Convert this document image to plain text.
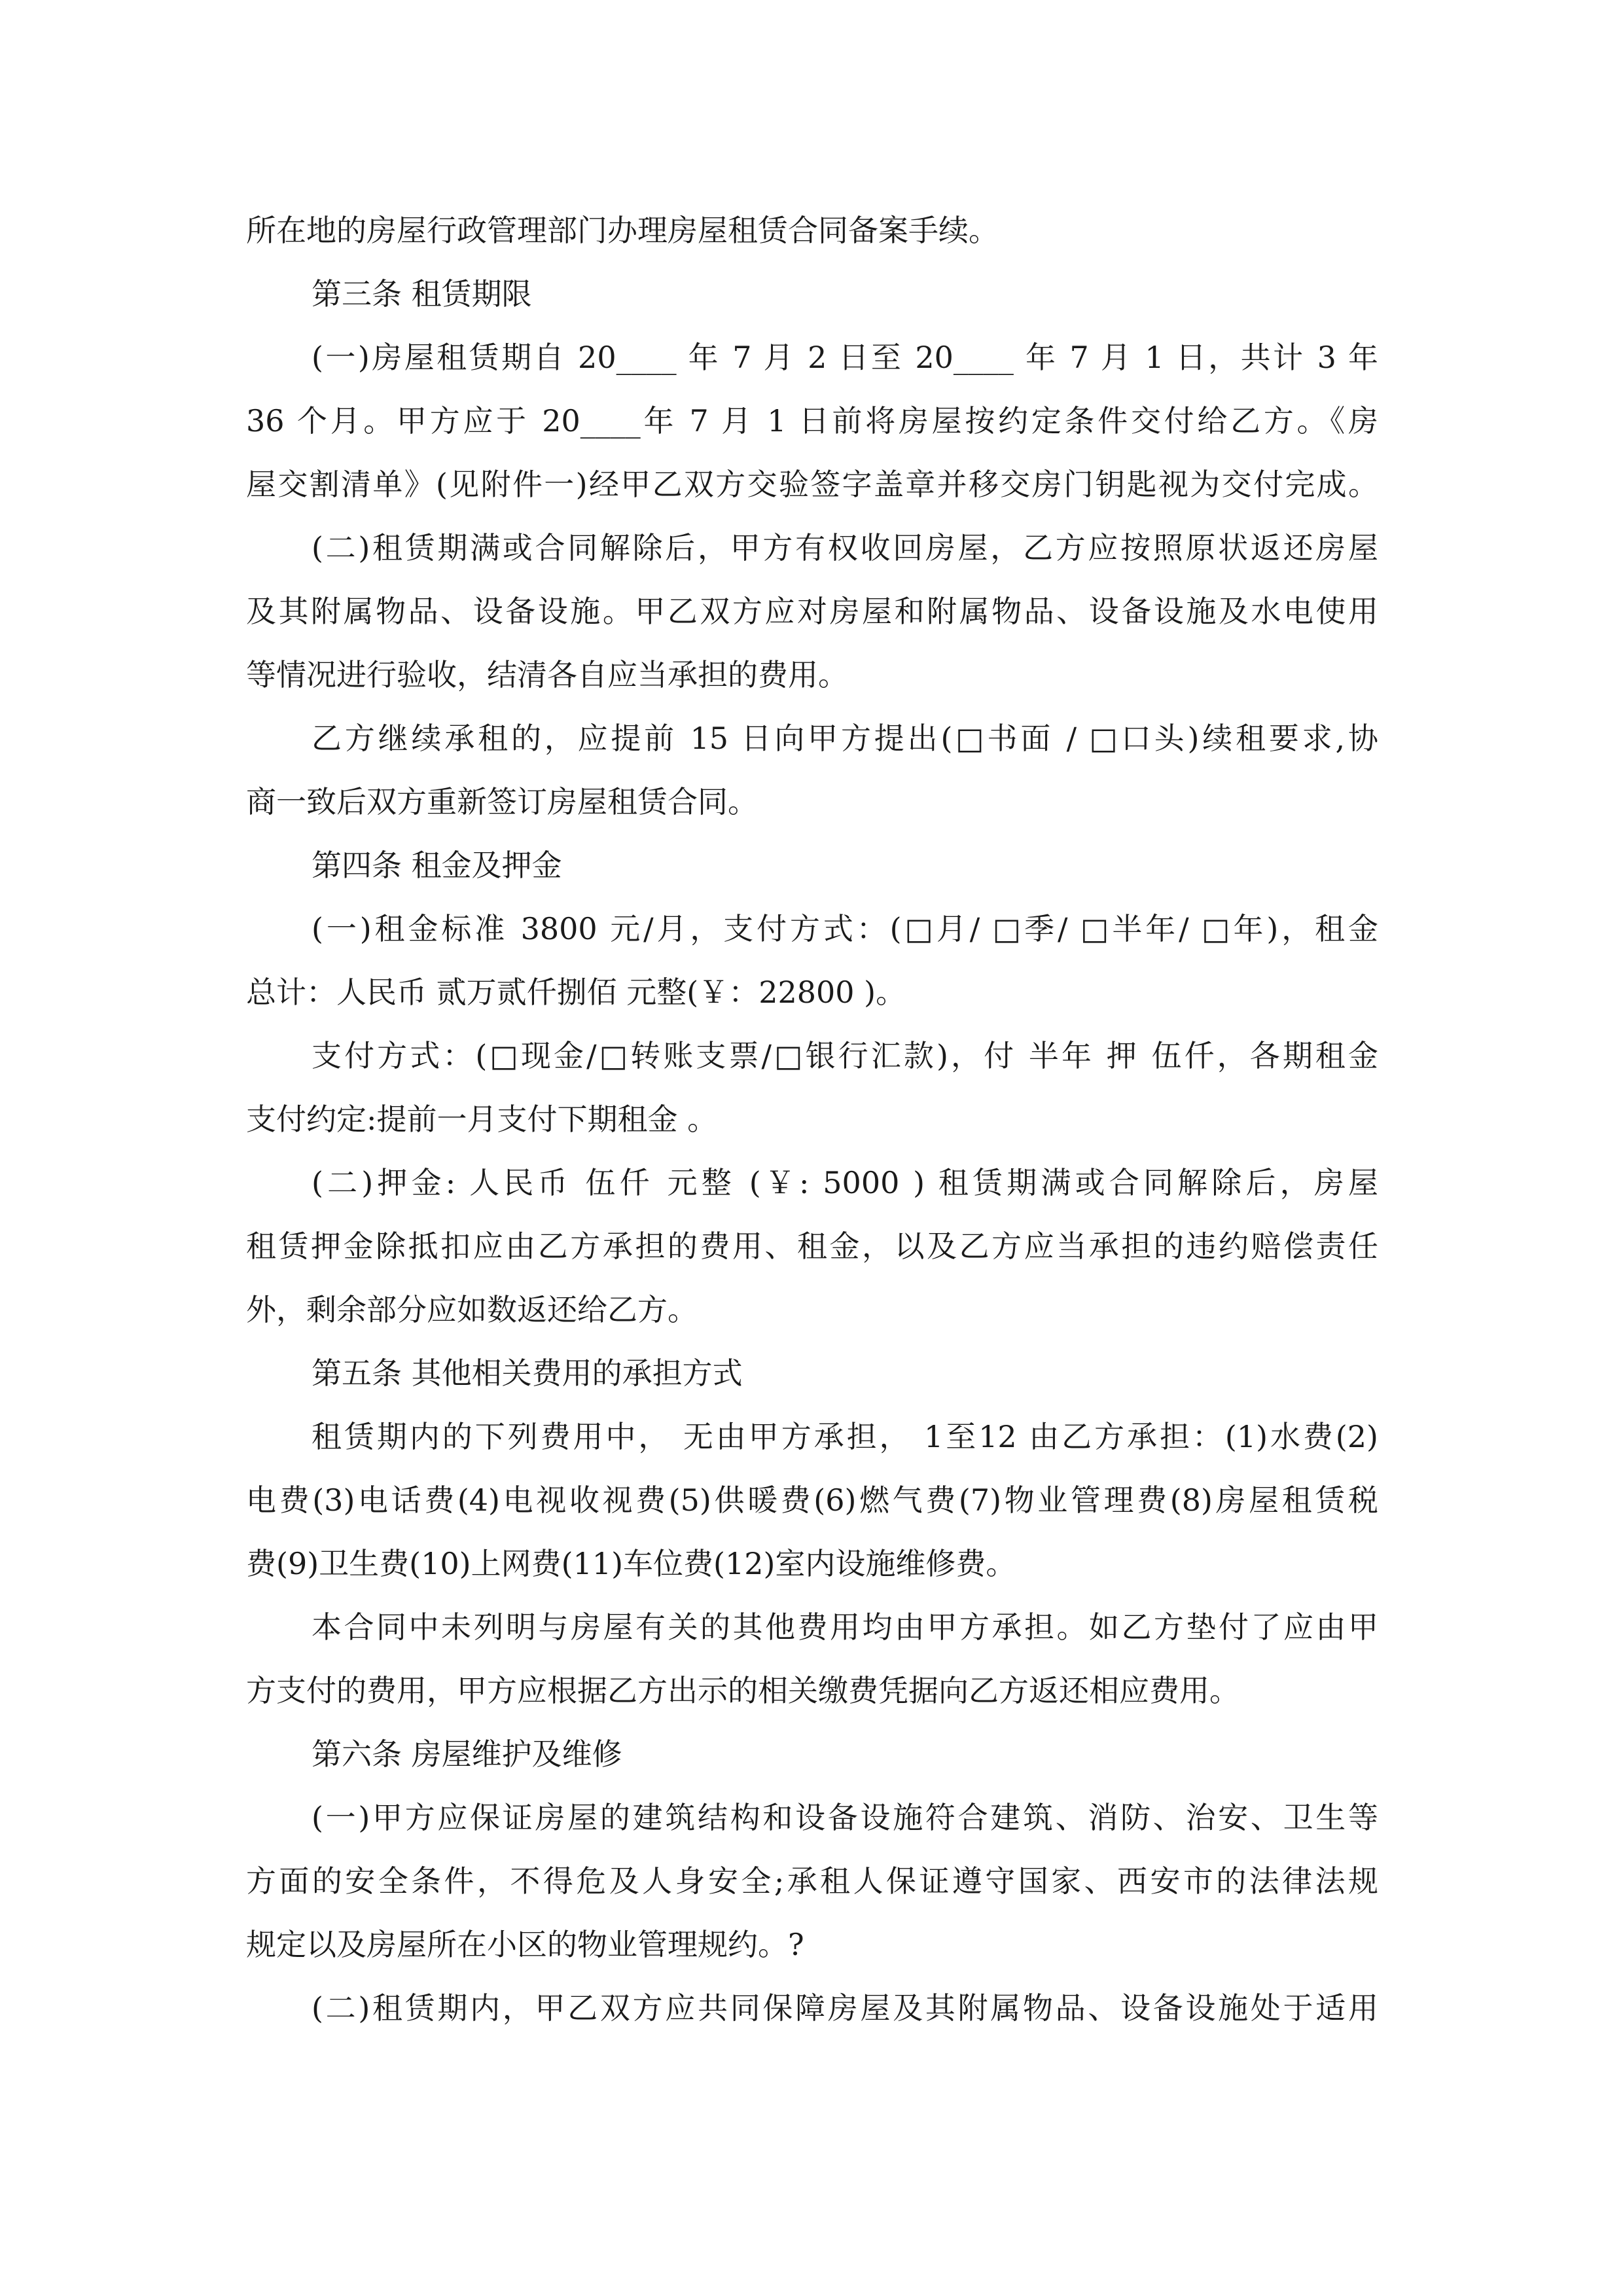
所在地的房屋行政管理部门办理房屋租赁合同备案手续。
第三条 租赁期限
(一)房屋租赁期自 20____ 年 7 月 2 日至 20____ 年 7 月 1 日，共计 3 年
36 个月。甲方应于 20____年 7 月 1 日前将房屋按约定条件交付给乙方。《房
屋交割清单》(见附件一)经甲乙双方交验签字盖章并移交房门钥匙视为交付完成。
(二)租赁期满或合同解除后，甲方有权收回房屋，乙方应按照原状返还房屋
及其附属物品、设备设施。甲乙双方应对房屋和附属物品、设备设施及水电使用
等情况进行验收，结清各自应当承担的费用。
乙方继续承租的，应提前 15 日向甲方提出(□书面 / □口头)续租要求,协
商一致后双方重新签订房屋租赁合同。
第四条 租金及押金
(一)租金标准 3800 元/月，支付方式：(□月/ □季/ □半年/ □年)，租金
总计：人民币 贰万贰仟捌佰 元整(￥：22800 )。
支付方式：(□现金/□转账支票/□银行汇款)，付 半年 押 伍仟，各期租金
支付约定:提前一月支付下期租金 。
(二)押金: 人民币 伍仟 元整 (￥: 5000 ) 租赁期满或合同解除后，房屋
租赁押金除抵扣应由乙方承担的费用、租金，以及乙方应当承担的违约赔偿责任
外，剩余部分应如数返还给乙方。
第五条 其他相关费用的承担方式
租赁期内的下列费用中， 无由甲方承担， 1至12 由乙方承担：(1)水费(2)
电费(3)电话费(4)电视收视费(5)供暖费(6)燃气费(7)物业管理费(8)房屋租赁税
费(9)卫生费(10)上网费(11)车位费(12)室内设施维修费。
本合同中未列明与房屋有关的其他费用均由甲方承担。如乙方垫付了应由甲
方支付的费用，甲方应根据乙方出示的相关缴费凭据向乙方返还相应费用。
第六条 房屋维护及维修
(一)甲方应保证房屋的建筑结构和设备设施符合建筑、消防、治安、卫生等
方面的安全条件，不得危及人身安全;承租人保证遵守国家、西安市的法律法规
规定以及房屋所在小区的物业管理规约。?
(二)租赁期内，甲乙双方应共同保障房屋及其附属物品、设备设施处于适用
